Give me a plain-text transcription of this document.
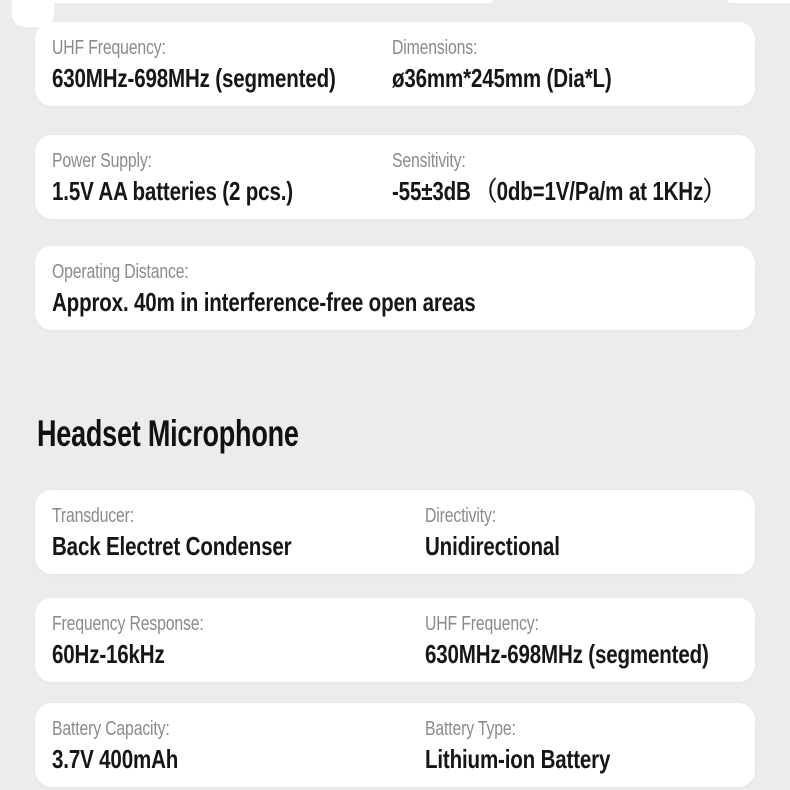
UHF Frequency:
630MHz-698MHz (segmented)
Dimensions:
ø36mm*245mm (Dia*L)
Power Supply:
1.5V AA batteries (2 pcs.)
Sensitivity:
-55±3dB （0db=1V/Pa/m at 1KHz）
Operating Distance:
Approx. 40m in interference-free open areas
Headset Microphone
Transducer:
Back Electret Condenser
Directivity:
Unidirectional
Frequency Response:
60Hz-16kHz
UHF Frequency:
630MHz-698MHz (segmented)
Battery Capacity:
3.7V 400mAh
Battery Type:
Lithium-ion Battery
